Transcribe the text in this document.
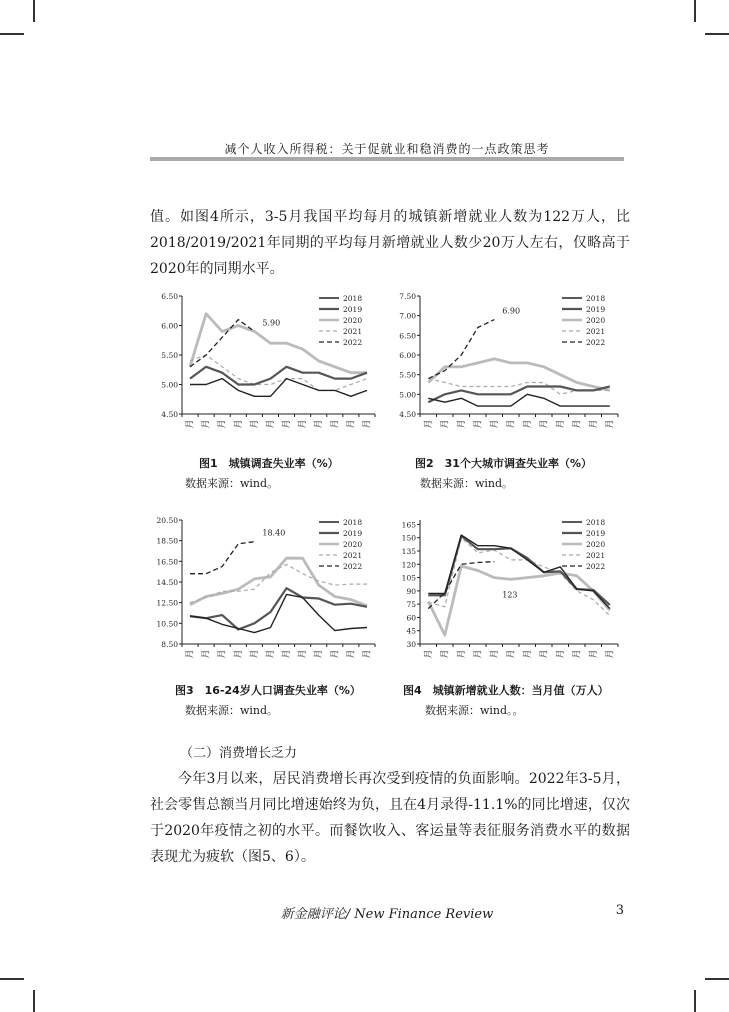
减个人收入所得税：关于促就业和稳消费的一点政策思考
值。如图4所示，3-5月我国平均每月的城镇新增就业人数为122万人，比2018/2019/2021年同期的平均每月新增就业人数少20万人左右，仅略高于2020年的同期水平。
4.50
5.00
5.50
6.00
6.50
月 月 月 月 月 月 月 月 月 月 月 月
5.90
2018
2019
2020
2021
2022
图1　城镇调查失业率（%）
数据来源：wind。
4.50
5.00
5.50
6.00
6.50
7.00
7.50
月 月 月 月 月 月 月 月 月 月 月 月
6.90
2018
2019
2020
2021
2022
图2　31个大城市调查失业率（%）
数据来源：wind。
8.50
10.50
12.50
14.50
16.50
18.50
20.50
月 月 月 月 月 月 月 月 月 月 月 月
18.40
2018
2019
2020
2021
2022
图3　16-24岁人口调查失业率（%）
数据来源：wind。
30
45
60
75
90
105
120
135
150
165
月 月 月 月 月 月 月 月 月 月 月 月
123
2018
2019
2020
2021
2022
图4　城镇新增就业人数：当月值（万人）
数据来源：wind。。
（二）消费增长乏力
今年3月以来，居民消费增长再次受到疫情的负面影响。2022年3-5月，社会零售总额当月同比增速始终为负，且在4月录得-11.1%的同比增速，仅次于2020年疫情之初的水平。而餐饮收入、客运量等表征服务消费水平的数据表现尤为疲软（图5、6）。
新金融评论/ New Finance Review	3
